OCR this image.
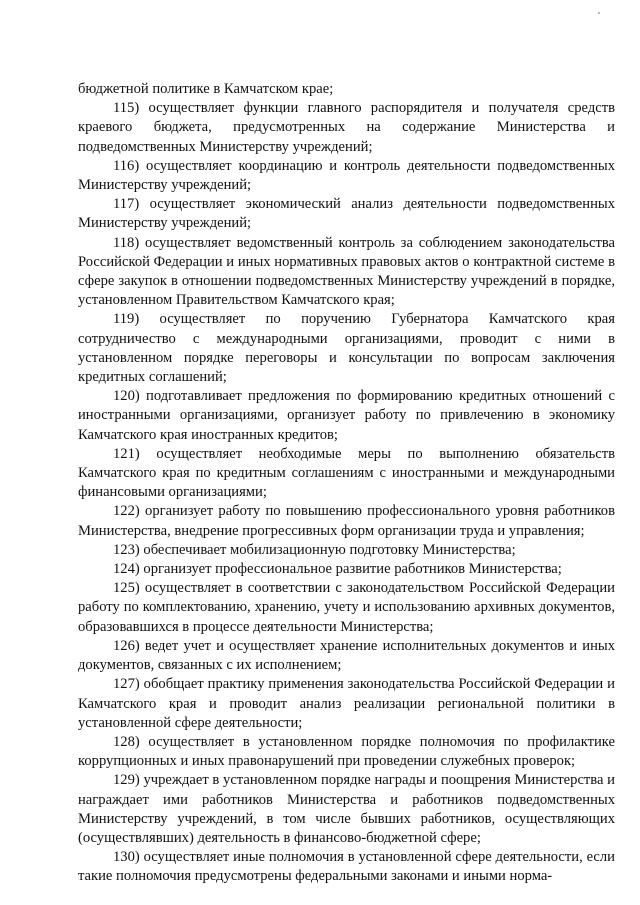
бюджетной политике в Камчатском крае;

115) осуществляет функции главного распорядителя и получателя средств краевого бюджета, предусмотренных на содержание Министерства и подведомственных Министерству учреждений;

116) осуществляет координацию и контроль деятельности подведомственных Министерству учреждений;

117) осуществляет экономический анализ деятельности подведомственных Министерству учреждений;

118) осуществляет ведомственный контроль за соблюдением законодательства Российской Федерации и иных нормативных правовых актов о контрактной системе в сфере закупок в отношении подведомственных Министерству учреждений в порядке, установленном Правительством Камчатского края;

119) осуществляет по поручению Губернатора Камчатского края сотрудничество с международными организациями, проводит с ними в установленном порядке переговоры и консультации по вопросам заключения кредитных соглашений;

120) подготавливает предложения по формированию кредитных отношений с иностранными организациями, организует работу по привлечению в экономику Камчатского края иностранных кредитов;

121) осуществляет необходимые меры по выполнению обязательств Камчатского края по кредитным соглашениям с иностранными и международными финансовыми организациями;

122) организует работу по повышению профессионального уровня работников Министерства, внедрение прогрессивных форм организации труда и управления;

123) обеспечивает мобилизационную подготовку Министерства;

124) организует профессиональное развитие работников Министерства;

125) осуществляет в соответствии с законодательством Российской Федерации работу по комплектованию, хранению, учету и использованию архивных документов, образовавшихся в процессе деятельности Министерства;

126) ведет учет и осуществляет хранение исполнительных документов и иных документов, связанных с их исполнением;

127) обобщает практику применения законодательства Российской Федерации и Камчатского края и проводит анализ реализации региональной политики в установленной сфере деятельности;

128) осуществляет в установленном порядке полномочия по профилактике коррупционных и иных правонарушений при проведении служебных проверок;

129) учреждает в установленном порядке награды и поощрения Министерства и награждает ими работников Министерства и работников подведомственных Министерству учреждений, в том числе бывших работников, осуществляющих (осуществлявших) деятельность в финансово-бюджетной сфере;

130) осуществляет иные полномочия в установленной сфере деятельности, если такие полномочия предусмотрены федеральными законами и иными норма-
